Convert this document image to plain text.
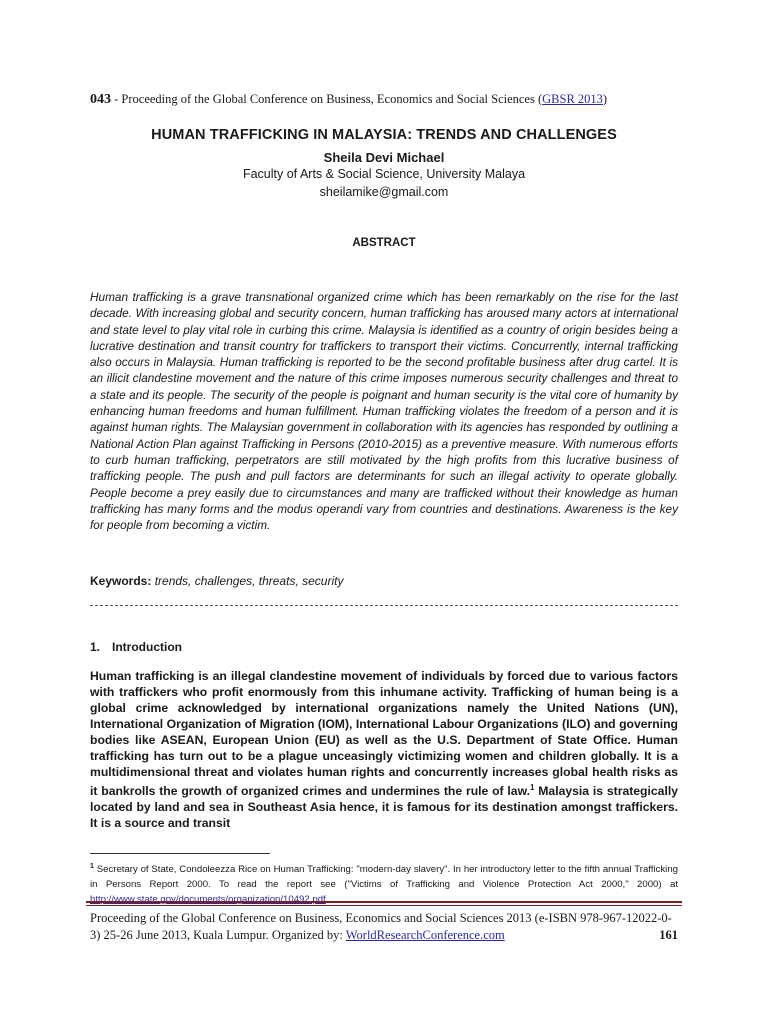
043 - Proceeding of the Global Conference on Business, Economics and Social Sciences (GBSR 2013)
HUMAN TRAFFICKING IN MALAYSIA: TRENDS AND CHALLENGES
Sheila Devi Michael
Faculty of Arts & Social Science, University Malaya
sheilamike@gmail.com
ABSTRACT

Human trafficking is a grave transnational organized crime which has been remarkably on the rise for the last decade. With increasing global and security concern, human trafficking has aroused many actors at international and state level to play vital role in curbing this crime. Malaysia is identified as a country of origin besides being a lucrative destination and transit country for traffickers to transport their victims. Concurrently, internal trafficking also occurs in Malaysia. Human trafficking is reported to be the second profitable business after drug cartel. It is an illicit clandestine movement and the nature of this crime imposes numerous security challenges and threat to a state and its people. The security of the people is poignant and human security is the vital core of humanity by enhancing human freedoms and human fulfillment. Human trafficking violates the freedom of a person and it is against human rights. The Malaysian government in collaboration with its agencies has responded by outlining a National Action Plan against Trafficking in Persons (2010-2015) as a preventive measure. With numerous efforts to curb human trafficking, perpetrators are still motivated by the high profits from this lucrative business of trafficking people. The push and pull factors are determinants for such an illegal activity to operate globally. People become a prey easily due to circumstances and many are trafficked without their knowledge as human trafficking has many forms and the modus operandi vary from countries and destinations. Awareness is the key for people from becoming a victim.

Keywords: trends, challenges, threats, security
1. Introduction

Human trafficking is an illegal clandestine movement of individuals by forced due to various factors with traffickers who profit enormously from this inhumane activity. Trafficking of human being is a global crime acknowledged by international organizations namely the United Nations (UN), International Organization of Migration (IOM), International Labour Organizations (ILO) and governing bodies like ASEAN, European Union (EU) as well as the U.S. Department of State Office. Human trafficking has turn out to be a plague unceasingly victimizing women and children globally. It is a multidimensional threat and violates human rights and concurrently increases global health risks as it bankrolls the growth of organized crimes and undermines the rule of law.$^1$ Malaysia is strategically located by land and sea in Southeast Asia hence, it is famous for its destination amongst traffickers. It is a source and transit

$^1$ Secretary of State, Condoleezza Rice on Human Trafficking: "modern-day slavery". In her introductory letter to the fifth annual Trafficking in Persons Report 2000. To read the report see ("Victims of Trafficking and Violence Protection Act 2000," 2000) at http://www.state.gov/documents/organization/10492.pdf

Proceeding of the Global Conference on Business, Economics and Social Sciences 2013 (e-ISBN 978-967-12022-0-3) 25-26 June 2013, Kuala Lumpur. Organized by: WorldResearchConference.com	161
